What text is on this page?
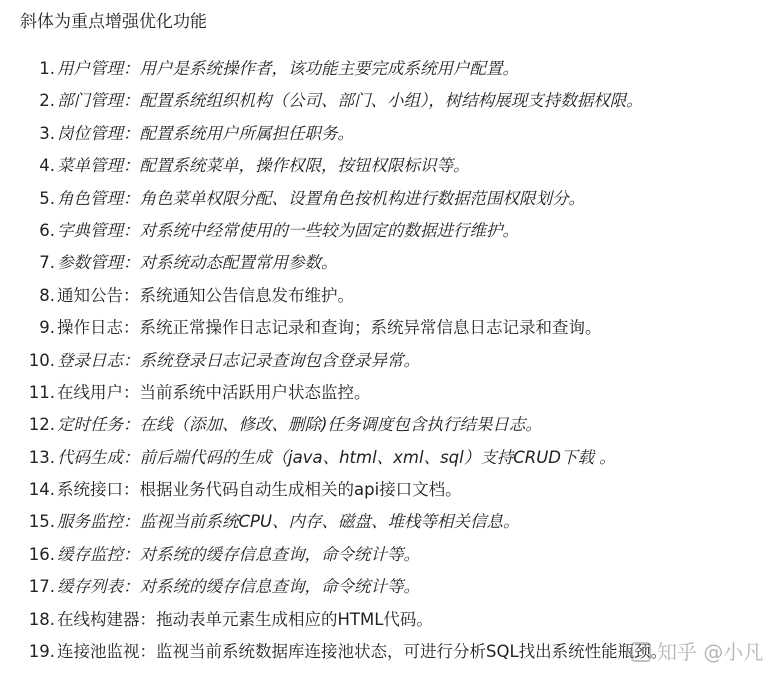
斜体为重点增强优化功能
1. 用户管理：用户是系统操作者，该功能主要完成系统用户配置。
2. 部门管理：配置系统组织机构（公司、部门、小组），树结构展现支持数据权限。
3. 岗位管理：配置系统用户所属担任职务。
4. 菜单管理：配置系统菜单，操作权限，按钮权限标识等。
5. 角色管理：角色菜单权限分配、设置角色按机构进行数据范围权限划分。
6. 字典管理：对系统中经常使用的一些较为固定的数据进行维护。
7. 参数管理：对系统动态配置常用参数。
8. 通知公告：系统通知公告信息发布维护。
9. 操作日志：系统正常操作日志记录和查询；系统异常信息日志记录和查询。
10. 登录日志：系统登录日志记录查询包含登录异常。
11. 在线用户：当前系统中活跃用户状态监控。
12. 定时任务：在线（添加、修改、删除)任务调度包含执行结果日志。
13. 代码生成：前后端代码的生成（java、html、xml、sql）支持CRUD下载 。
14. 系统接口：根据业务代码自动生成相关的api接口文档。
15. 服务监控：监视当前系统CPU、内存、磁盘、堆栈等相关信息。
16. 缓存监控：对系统的缓存信息查询，命令统计等。
17. 缓存列表：对系统的缓存信息查询，命令统计等。
18. 在线构建器：拖动表单元素生成相应的HTML代码。
19. 连接池监视：监视当前系统数据库连接池状态，可进行分析SQL找出系统性能瓶颈。
知乎 @小凡
